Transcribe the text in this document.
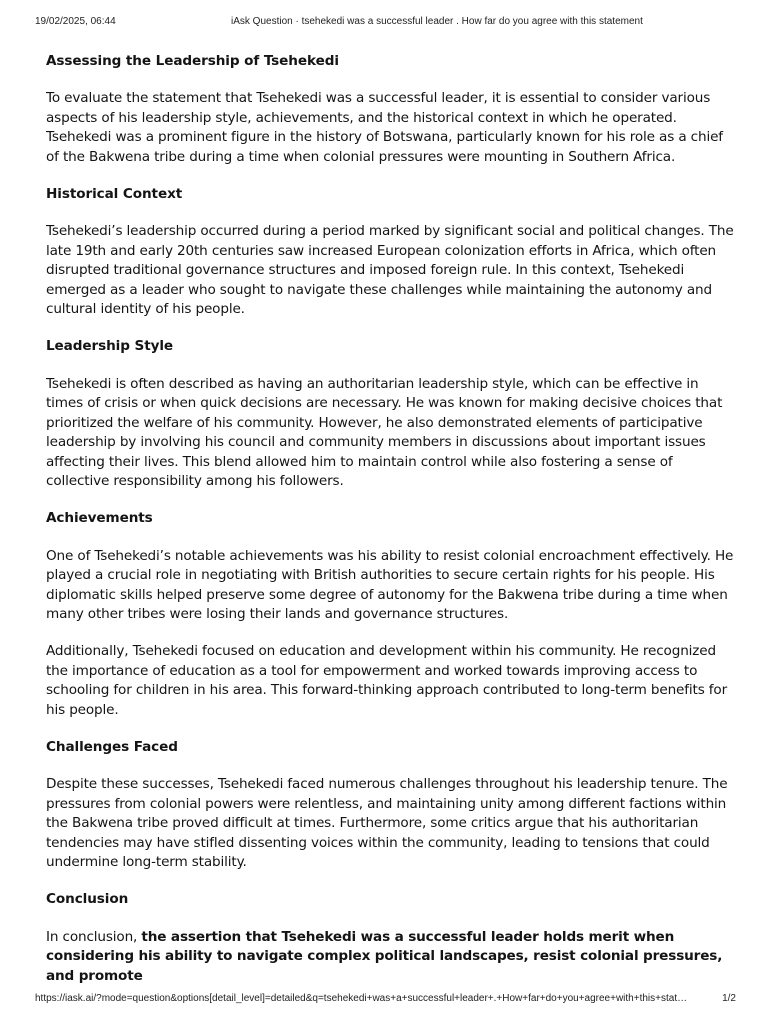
19/02/2025, 06:44	iAsk Question · tsehekedi was a successful leader . How far do you agree with this statement
Assessing the Leadership of Tsehekedi

To evaluate the statement that Tsehekedi was a successful leader, it is essential to consider various aspects of his leadership style, achievements, and the historical context in which he operated. Tsehekedi was a prominent figure in the history of Botswana, particularly known for his role as a chief of the Bakwena tribe during a time when colonial pressures were mounting in Southern Africa.

Historical Context

Tsehekedi’s leadership occurred during a period marked by significant social and political changes. The late 19th and early 20th centuries saw increased European colonization efforts in Africa, which often disrupted traditional governance structures and imposed foreign rule. In this context, Tsehekedi emerged as a leader who sought to navigate these challenges while maintaining the autonomy and cultural identity of his people.

Leadership Style

Tsehekedi is often described as having an authoritarian leadership style, which can be effective in times of crisis or when quick decisions are necessary. He was known for making decisive choices that prioritized the welfare of his community. However, he also demonstrated elements of participative leadership by involving his council and community members in discussions about important issues affecting their lives. This blend allowed him to maintain control while also fostering a sense of collective responsibility among his followers.

Achievements

One of Tsehekedi’s notable achievements was his ability to resist colonial encroachment effectively. He played a crucial role in negotiating with British authorities to secure certain rights for his people. His diplomatic skills helped preserve some degree of autonomy for the Bakwena tribe during a time when many other tribes were losing their lands and governance structures.

Additionally, Tsehekedi focused on education and development within his community. He recognized the importance of education as a tool for empowerment and worked towards improving access to schooling for children in his area. This forward-thinking approach contributed to long-term benefits for his people.

Challenges Faced

Despite these successes, Tsehekedi faced numerous challenges throughout his leadership tenure. The pressures from colonial powers were relentless, and maintaining unity among different factions within the Bakwena tribe proved difficult at times. Furthermore, some critics argue that his authoritarian tendencies may have stifled dissenting voices within the community, leading to tensions that could undermine long-term stability.

Conclusion

In conclusion, the assertion that Tsehekedi was a successful leader holds merit when considering his ability to navigate complex political landscapes, resist colonial pressures, and promote

https://iask.ai/?mode=question&options[detail_level]=detailed&q=tsehekedi+was+a+successful+leader+.+How+far+do+you+agree+with+this+stat…	1/2
